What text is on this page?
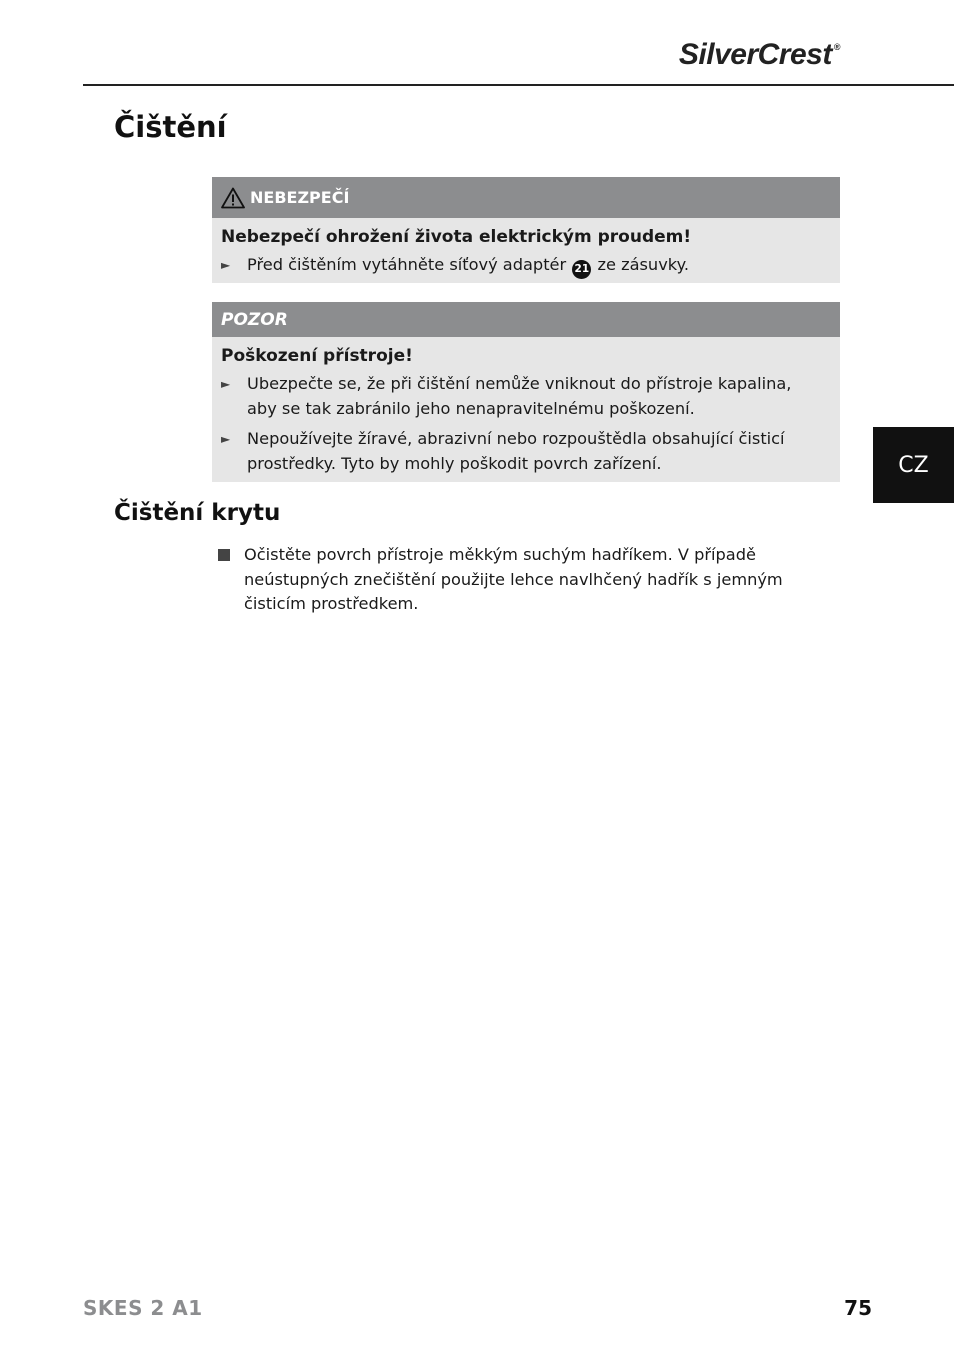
SilverCrest ®
Čištění
NEBEZPEČÍ

Nebezpečí ohrožení života elektrickým proudem!

► Před čištěním vytáhněte síťový adaptér 21 ze zásuvky.
POZOR

Poškození přístroje!

► Ubezpečte se, že při čištění nemůže vniknout do přístroje kapalina, aby se tak zabránilo jeho nenapravitelnému poškození.
► Nepoužívejte žíravé, abrazivní nebo rozpouštědla obsahující čisticí prostředky. Tyto by mohly poškodit povrch zařízení.	CZ
Čištění krytu
Očistěte povrch přístroje měkkým suchým hadříkem. V případě neústupných znečištění použijte lehce navlhčený hadřík s jemným čisticím prostředkem.
SKES 2 A1	75
